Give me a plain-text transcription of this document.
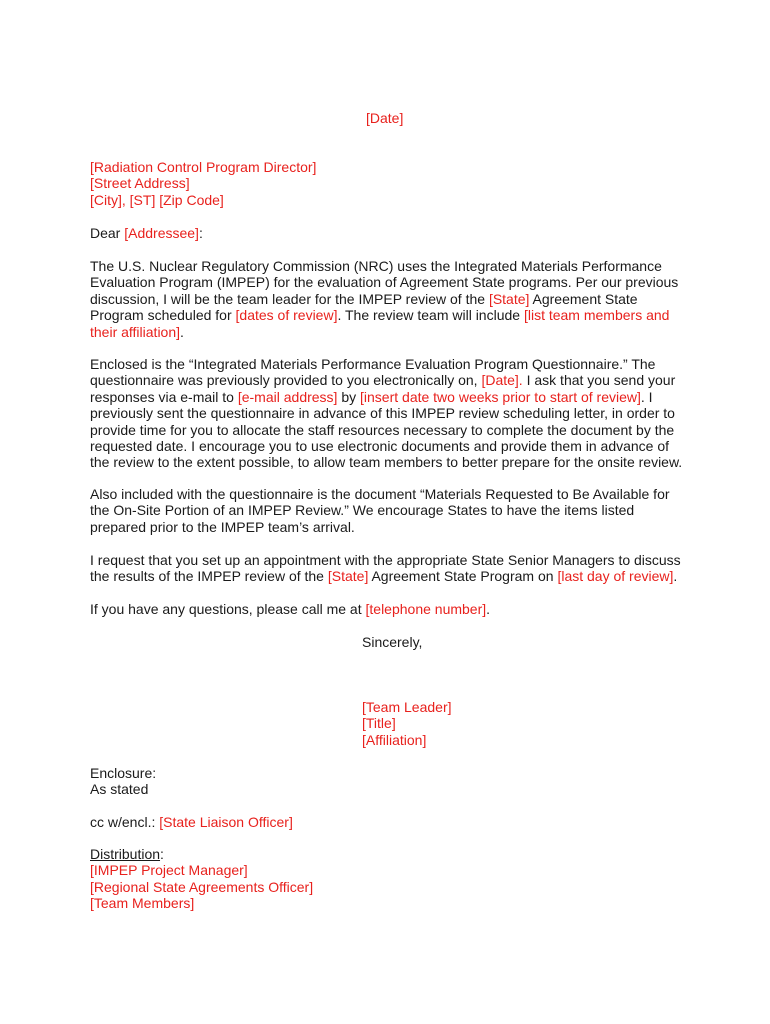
[Date]
[Radiation Control Program Director]
[Street Address]
[City], [ST] [Zip Code]
Dear [Addressee]:
The U.S. Nuclear Regulatory Commission (NRC) uses the Integrated Materials Performance
Evaluation Program (IMPEP) for the evaluation of Agreement State programs. Per our previous
discussion, I will be the team leader for the IMPEP review of the [State] Agreement State
Program scheduled for [dates of review]. The review team will include [list team members and
their affiliation].
Enclosed is the “Integrated Materials Performance Evaluation Program Questionnaire.” The
questionnaire was previously provided to you electronically on, [Date]. I ask that you send your
responses via e-mail to [e-mail address] by [insert date two weeks prior to start of review]. I
previously sent the questionnaire in advance of this IMPEP review scheduling letter, in order to
provide time for you to allocate the staff resources necessary to complete the document by the
requested date. I encourage you to use electronic documents and provide them in advance of
the review to the extent possible, to allow team members to better prepare for the onsite review.
Also included with the questionnaire is the document “Materials Requested to Be Available for
the On-Site Portion of an IMPEP Review.” We encourage States to have the items listed
prepared prior to the IMPEP team’s arrival.
I request that you set up an appointment with the appropriate State Senior Managers to discuss
the results of the IMPEP review of the [State] Agreement State Program on [last day of review].
If you have any questions, please call me at [telephone number].
Sincerely,
[Team Leader]
[Title]
[Affiliation]
Enclosure:
As stated
cc w/encl.: [State Liaison Officer]
Distribution:
[IMPEP Project Manager]
[Regional State Agreements Officer]
[Team Members]
